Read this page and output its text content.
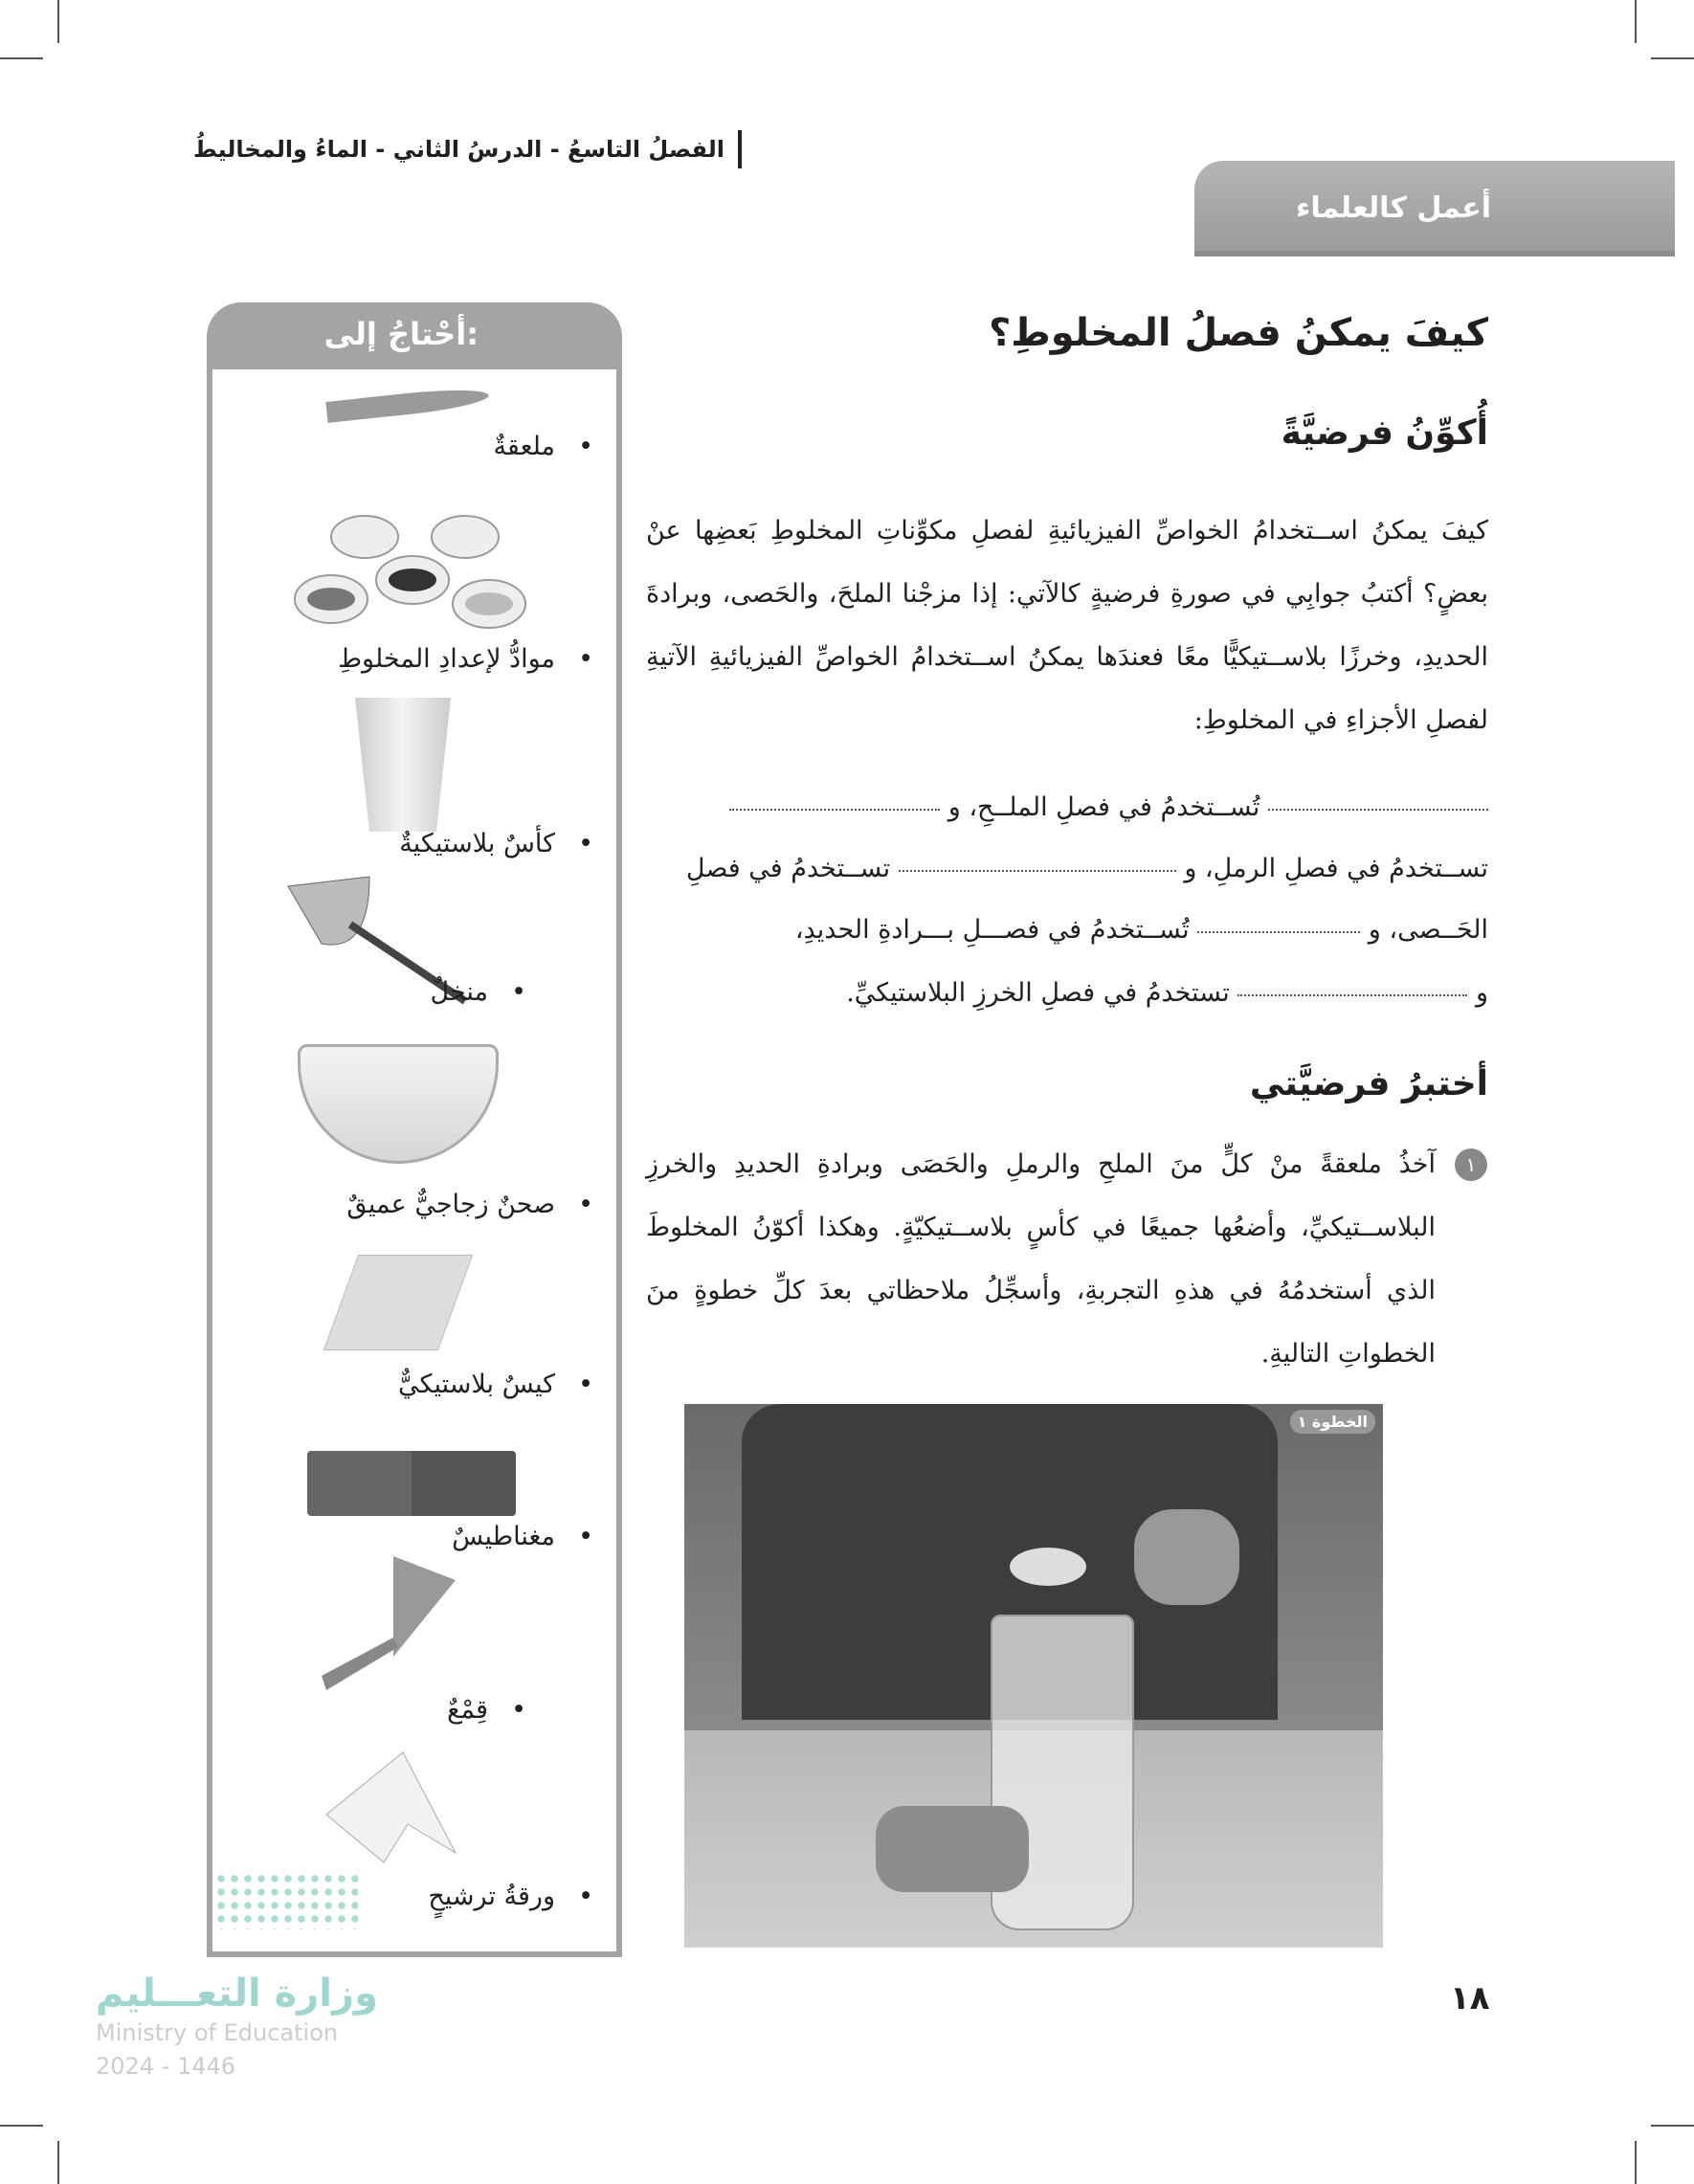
الفصلُ التاسعُ - الدرسُ الثاني - الماءُ والمخاليطُ
أعمل كالعلماء
كيفَ يمكنُ فصلُ المخلوطِ؟
أُكوِّنُ فرضيَّةً
كيفَ يمكنُ اســتخدامُ الخواصِّ الفيزيائيةِ لفصلِ مكوِّناتِ المخلوطِ بَعضِها عنْ بعضٍ؟ أكتبُ جوابِي في صورةِ فرضيةٍ كالآتي: إذا مزجْنا الملحَ، والحَصى، وبرادةَ الحديدِ، وخرزًا بلاســتيكيًّا معًا فعندَها يمكنُ اســتخدامُ الخواصِّ الفيزيائيةِ الآتيةِ لفصلِ الأجزاءِ في المخلوطِ:
تُســتخدمُ في فصلِ الملــحِ، و
تســتخدمُ في فصلِ الرملِ، و  تســتخدمُ في فصلِ
الحَــصى، و  تُســتخدمُ في فصـــلِ بـــرادةِ الحديدِ،
و  تستخدمُ في فصلِ الخرزِ البلاستيكيِّ.
أختبرُ فرضيَّتي
١
آخذُ ملعقةً منْ كلٍّ منَ الملحِ والرملِ والحَصَى وبرادةِ الحديدِ والخرزِ البلاســتيكيِّ، وأضعُها جميعًا في كأسٍ بلاســتيكيّةٍ. وهكذا أكوّنُ المخلوطَ الذي أستخدمُهُ في هذهِ التجربةِ، وأسجِّلُ ملاحظاتي بعدَ كلِّ خطوةٍ منَ الخطواتِ التاليةِ.
الخطوة ١
أحْتاجُ إلى:
ملعقةٌ •
موادُّ لإعدادِ المخلوطِ •
كأسٌ بلاستيكيةٌ •
منخلٌ •
صحنٌ زجاجيٌّ عميقٌ •
كيسٌ بلاستيكيٌّ •
مغناطيسٌ •
قِمْعٌ •
ورقةُ ترشيحٍ •
١٨
وزارة التعـــليم
Ministry of Education
2024 - 1446
